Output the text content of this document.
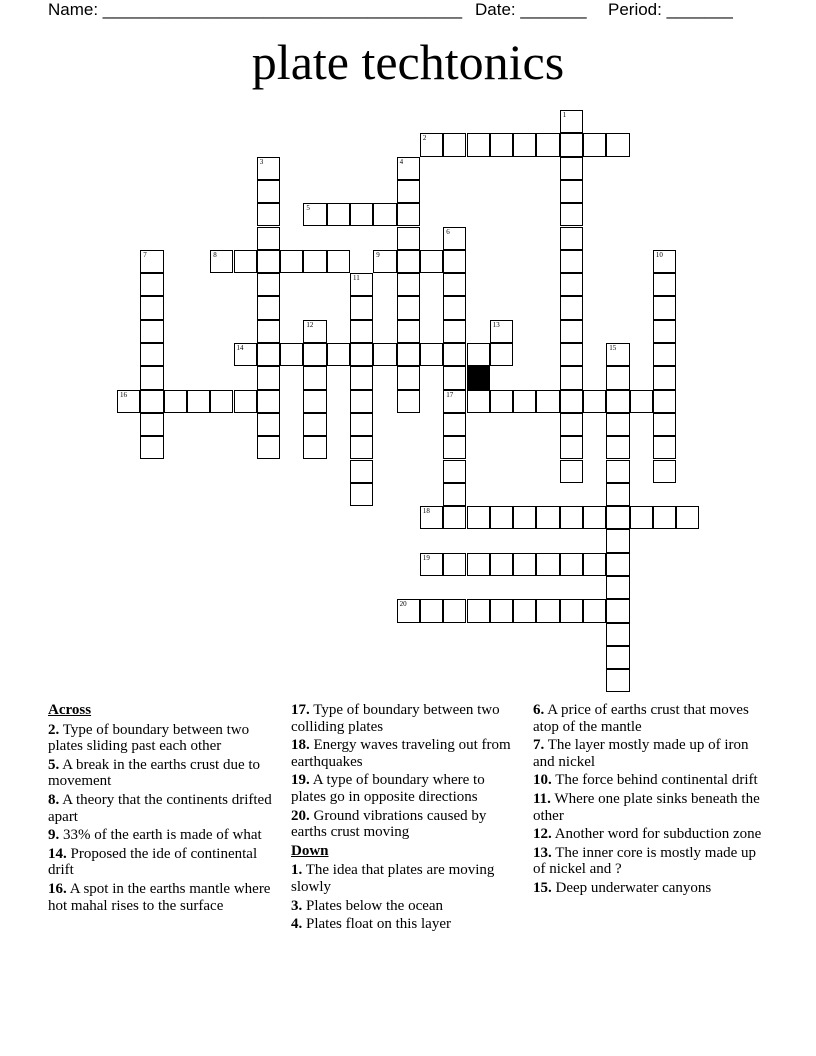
Name: ______________________________________ Date: _______ Period: _______
plate techtonics
1
2
3	4
5
6
17
7	8	9	10
11
12	13
14	15
16
18
19
20
Across
2. Type of boundary between two plates sliding past each other
5. A break in the earths crust due to movement
8. A theory that the continents drifted apart
9. 33% of the earth is made of what
14. Proposed the ide of continental drift
16. A spot in the earths mantle where hot mahal rises to the surface
17. Type of boundary between two colliding plates
18. Energy waves traveling out from earthquakes
19. A type of boundary where to plates go in opposite directions
20. Ground vibrations caused by earths crust moving
Down
1. The idea that plates are moving slowly
3. Plates below the ocean
4. Plates float on this layer
6. A price of earths crust that moves atop of the mantle
7. The layer mostly made up of iron and nickel
10. The force behind continental drift
11. Where one plate sinks beneath the other
12. Another word for subduction zone
13. The inner core is mostly made up of nickel and ?
15. Deep underwater canyons
